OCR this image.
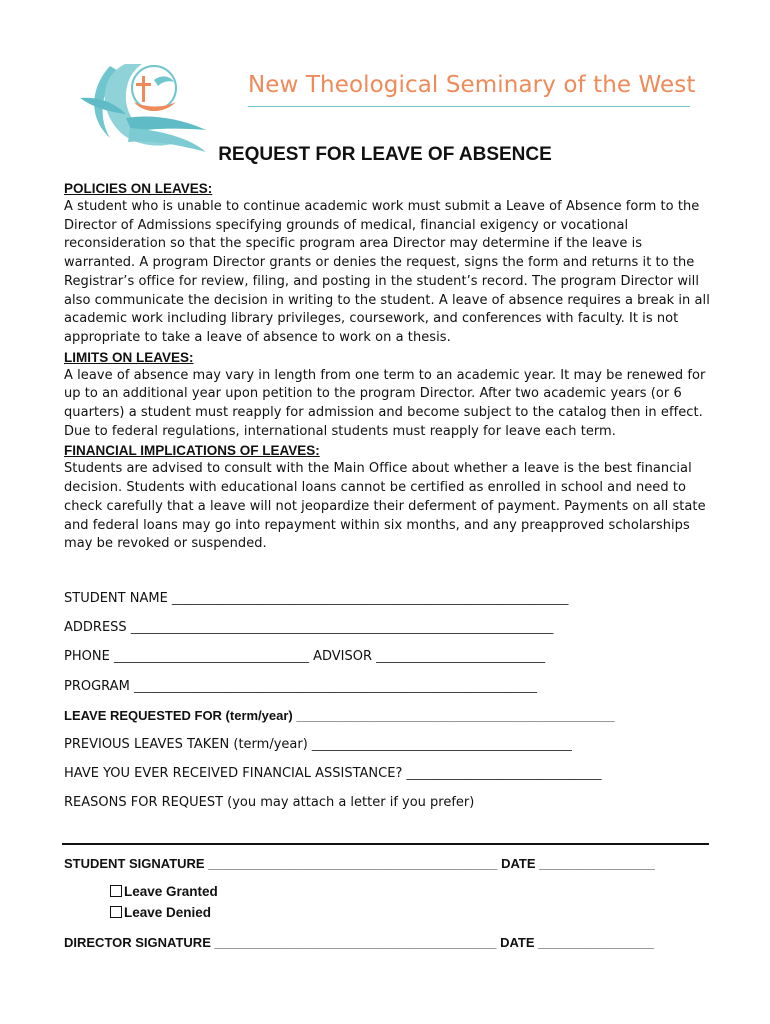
New Theological Seminary of the West
REQUEST FOR LEAVE OF ABSENCE
POLICIES ON LEAVES:

A student who is unable to continue academic work must submit a Leave of Absence form to the Director of Admissions specifying grounds of medical, financial exigency or vocational reconsideration so that the specific program area Director may determine if the leave is warranted. A program Director grants or denies the request, signs the form and returns it to the Registrar’s office for review, filing, and posting in the student’s record. The program Director will also communicate the decision in writing to the student. A leave of absence requires a break in all academic work including library privileges, coursework, and conferences with faculty. It is not appropriate to take a leave of absence to work on a thesis.

LIMITS ON LEAVES:

A leave of absence may vary in length from one term to an academic year. It may be renewed for up to an additional year upon petition to the program Director. After two academic years (or 6 quarters) a student must reapply for admission and become subject to the catalog then in effect. Due to federal regulations, international students must reapply for leave each term.

FINANCIAL IMPLICATIONS OF LEAVES:

Students are advised to consult with the Main Office about whether a leave is the best financial decision. Students with educational loans cannot be certified as enrolled in school and need to check carefully that a leave will not jeopardize their deferment of payment. Payments on all state and federal loans may go into repayment within six months, and any preapproved scholarships may be revoked or suspended.

STUDENT NAME _____________________________________________________________
ADDRESS _________________________________________________________________
PHONE ______________________________ ADVISOR __________________________
PROGRAM ______________________________________________________________
LEAVE REQUESTED FOR (term/year) ____________________________________________
PREVIOUS LEAVES TAKEN (term/year) ________________________________________
HAVE YOU EVER RECEIVED FINANCIAL ASSISTANCE? ______________________________
REASONS FOR REQUEST (you may attach a letter if you prefer)
STUDENT SIGNATURE ________________________________________ DATE ________________
Leave Granted
Leave Denied
DIRECTOR SIGNATURE _______________________________________ DATE ________________
